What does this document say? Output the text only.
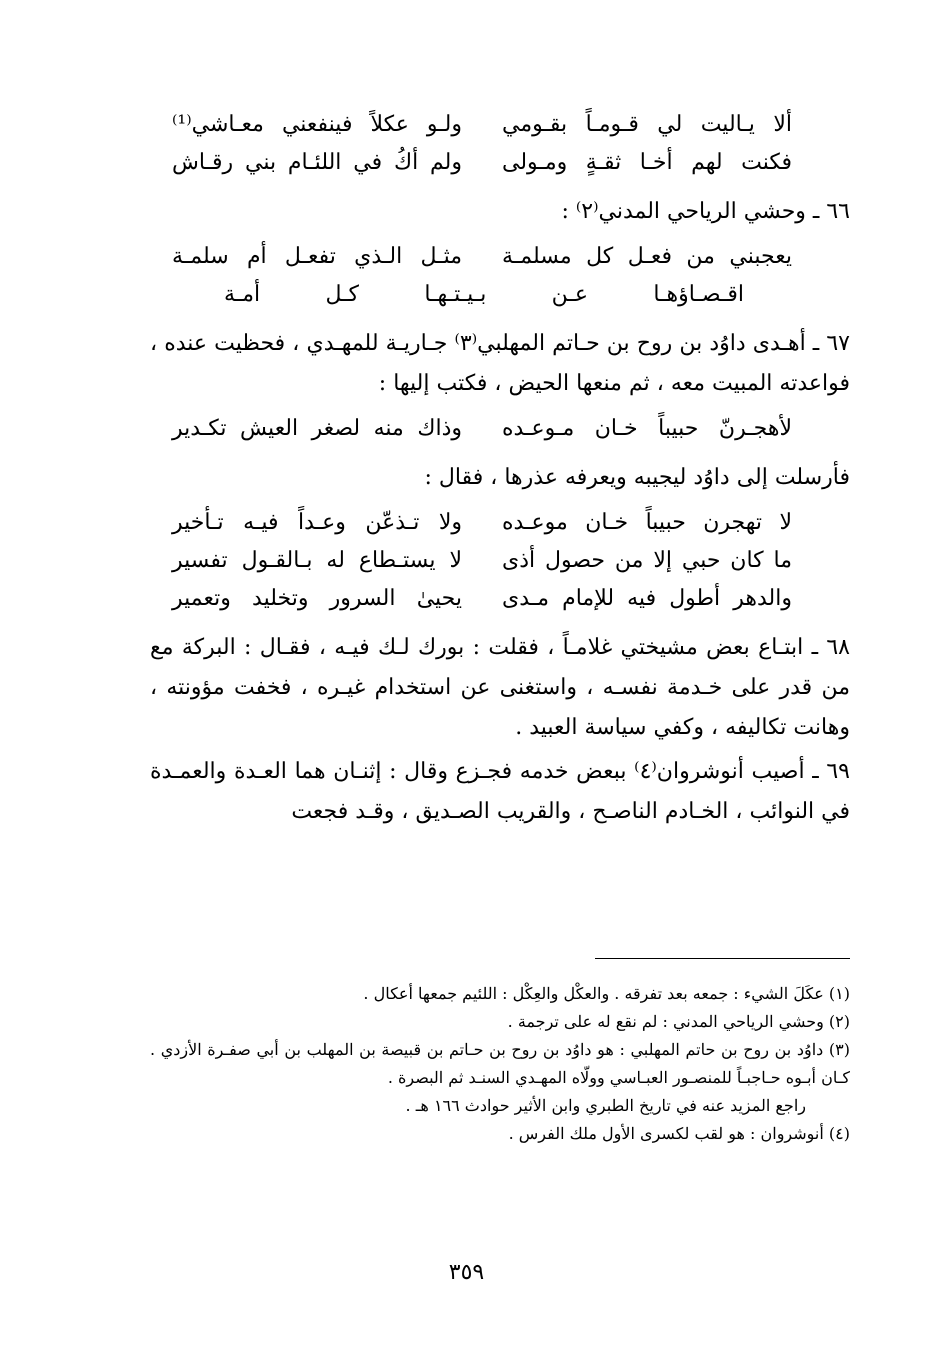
ألا يـاليت لي قـومـاً بقـومي
ولـو عكلاً فينفعني معـاشي⁽¹⁾
فكنت لهم أخـا ثقـةٍ ومـولى
ولم أكُ في اللئـام بني رقـاش
٦٦ ـ وحشي الرياحي المدني⁽٢⁾ :
يعجبني من فعـل كل مسلمـة
مثـل الـذي تفعـل أم سلمـة
اقـصـاؤهـا عـن بـيـتـهـا كـل أمـة
٦٧ ـ أهـدى داوُد بن روح بن حـاتم المهلبي⁽٣⁾ جـاريـة للمهـدي ، فحظيت عنده ، فواعدته المبيت معه ، ثم منعها الحيض ، فكتب إليها :
لأهجـرنّ حبيباً خـان مـوعـده
وذاك منه لصغر العيش تكـدير
فأرسلت إلى داوُد ليجيبه ويعرفه عذرها ، فقال :
لا تهجرن حبيباً خـان موعـده
ولا تـذعّن وعـداً فيـه تـأخير
ما كان حبي إلا من حصول أذى
لا يستـطاع له بـالقـول تفسير
والدهر أطول فيه للإمام مـدى
يحيىٰ السرور وتخليد وتعمير
٦٨ ـ ابتـاع بعض مشيختي غلامـاً ، فقلت : بورك لـك فيـه ، فقـال : البركة مع من قدر على خـدمة نفسـه ، واستغنى عن استخدام غيـره ، فخفت مؤونته ، وهانت تكاليفه ، وكفي سياسة العبيد .
٦٩ ـ أصيب أنوشروان⁽٤⁾ ببعض خدمه فجـزع وقال : إثنـان هما العـدة والعمـدة في النوائب ، الخـادم الناصـح ، والقريب الصـديق ، وقـد فجعت

(١) عكَلَ الشيء : جمعه بعد تفرقه . والعكْل والعِكْل : اللئيم جمعها أعكال .

(٢) وحشي الرياحي المدني : لم نقع له على ترجمة .

(٣) داوُد بن روح بن حاتم المهلبي : هو داوُد بن روح بن حـاتم بن قبيصة بن المهلب بن أبي صفـرة الأزدي . كـان أبـوه حـاجبـاً للمنصـور العبـاسي وولّاه المهـدي السنـد ثم البصرة .

راجع المزيد عنه في تاريخ الطبري وابن الأثير حوادث ١٦٦ هـ .

(٤) أنوشروان : هو لقب لكسرى الأول ملك الفرس .

٣٥٩
